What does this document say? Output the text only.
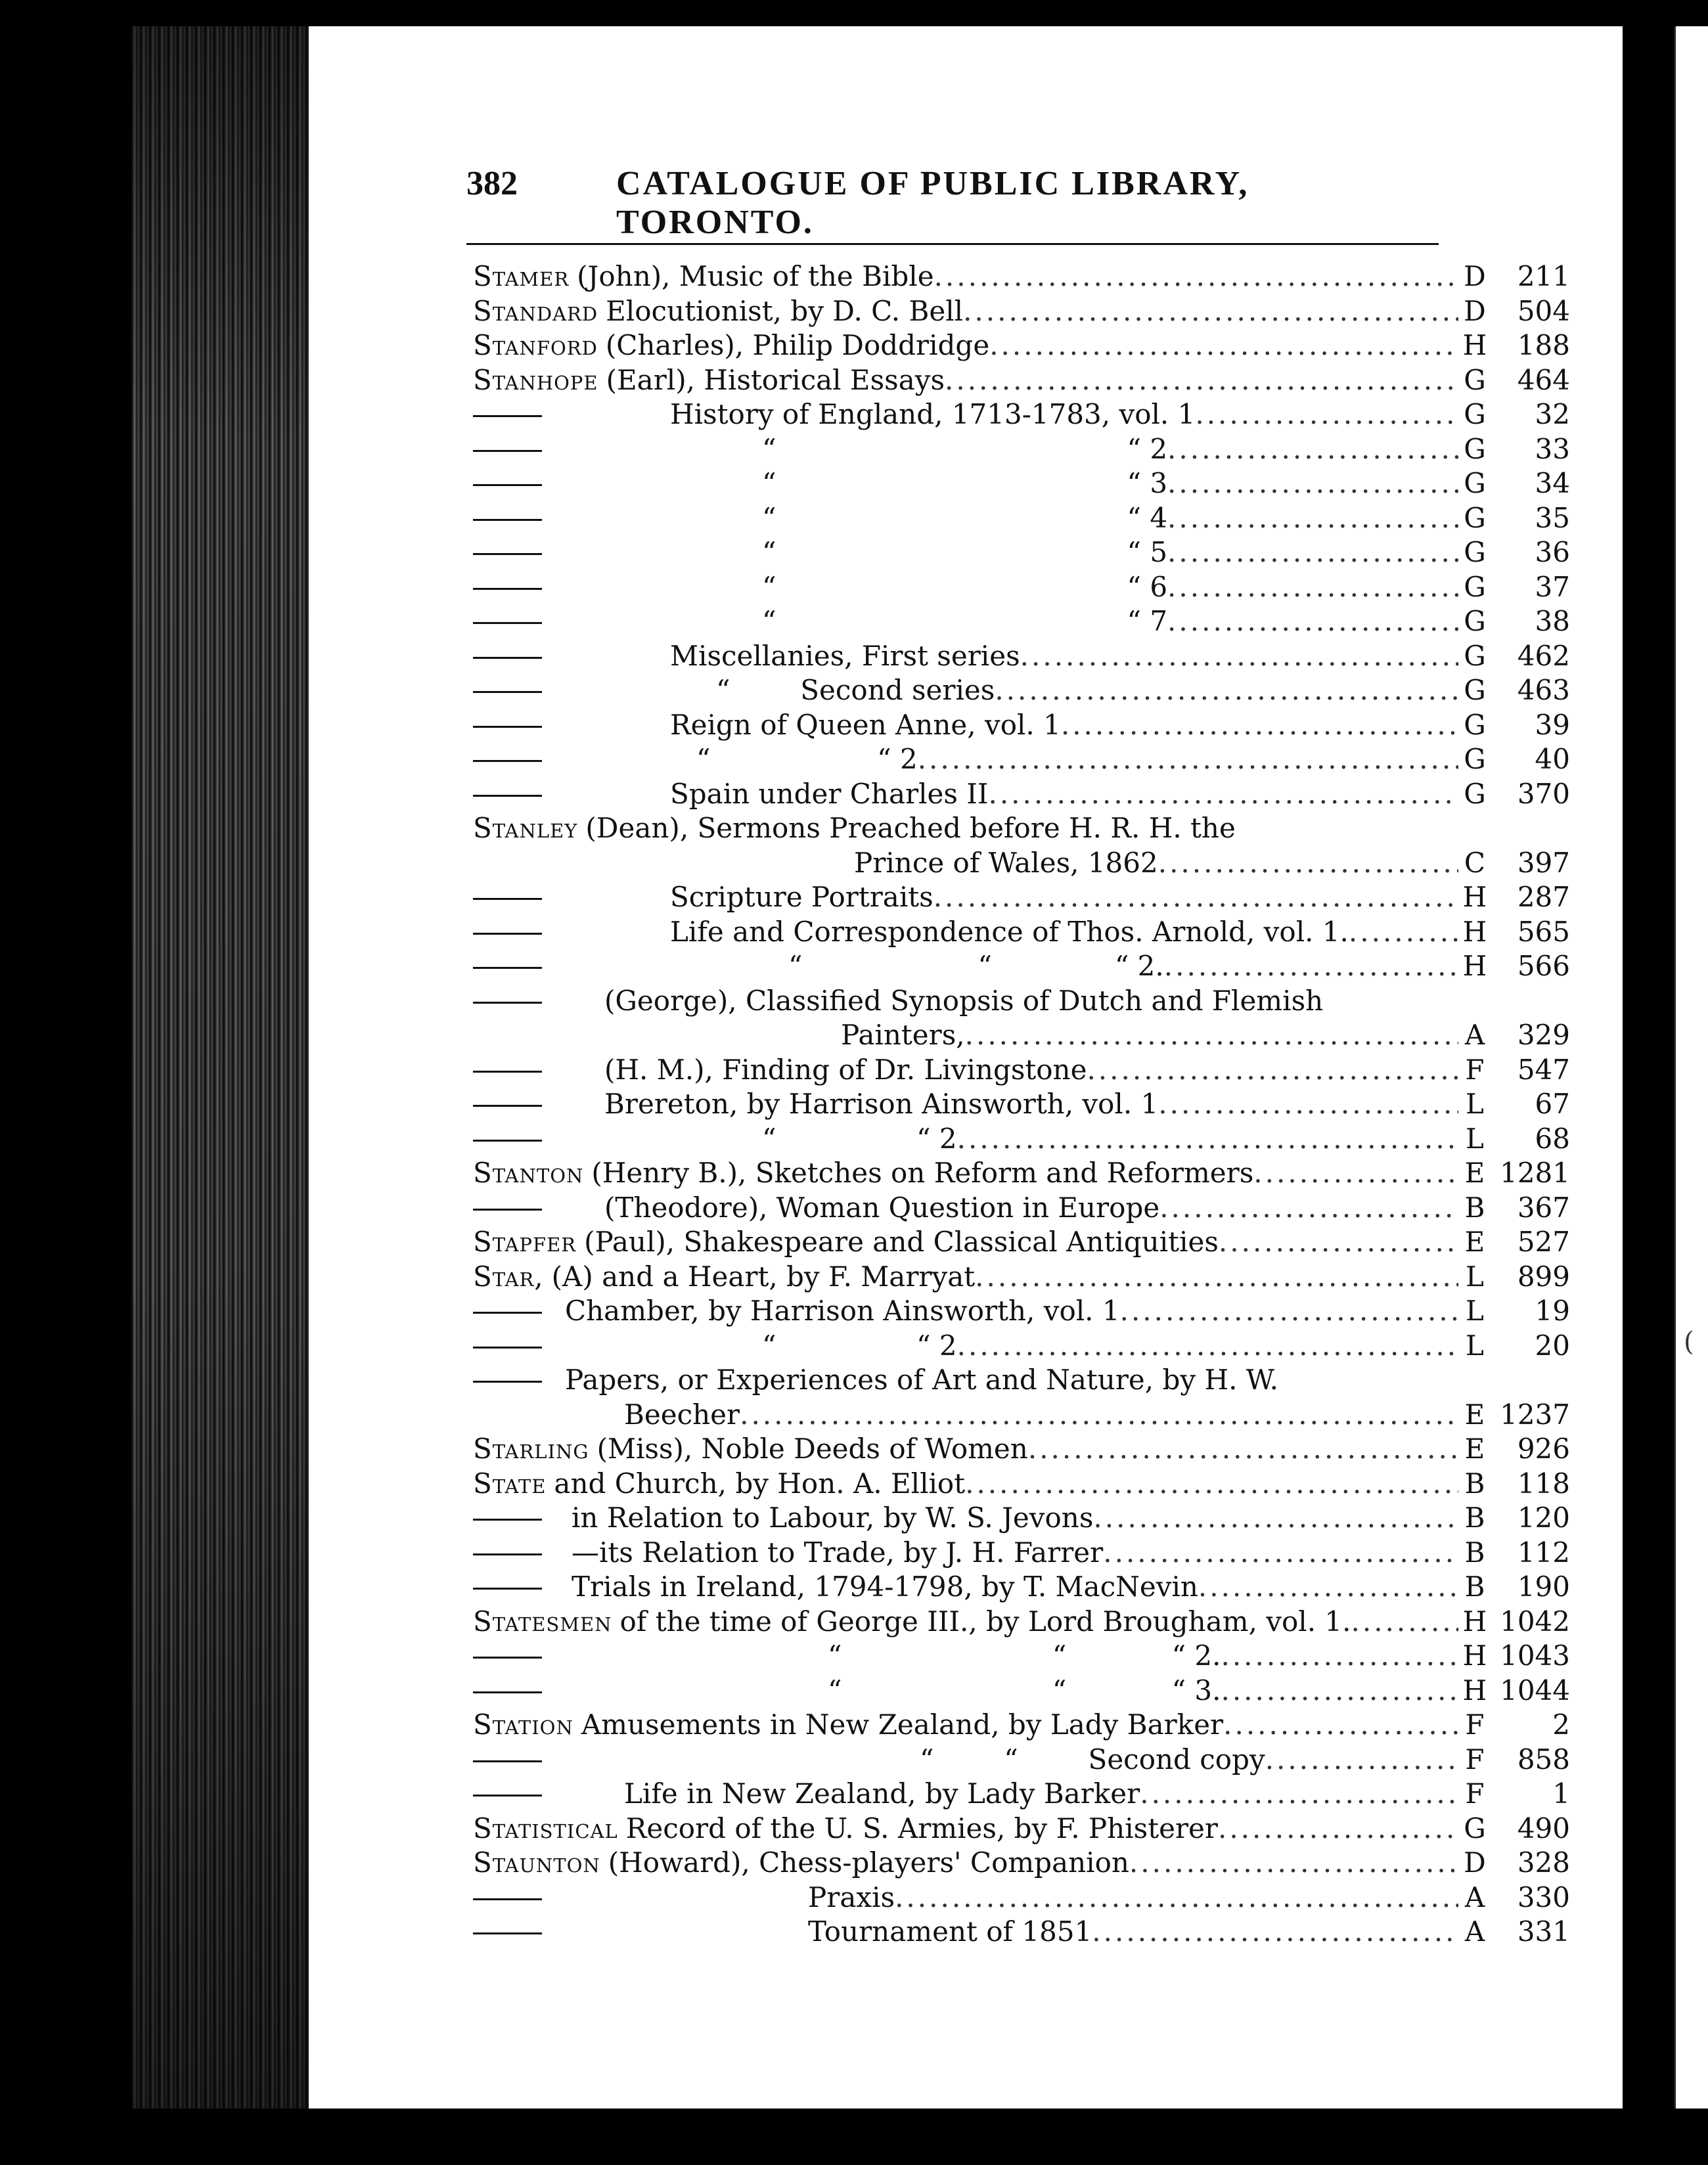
382	CATALOGUE OF PUBLIC LIBRARY, TORONTO.
Stamer (John), Music of the Bible .....	D	211
Standard Elocutionist, by D. C. Bell .....	D	504
Stanford (Charles), Philip Doddridge .....	H	188
Stanhope (Earl), Historical Essays .....	G	464
History of England, 1713-1783, vol. 1 .....	G	32
“                                        “ 2 .....	G	33
“                                        “ 3 .....	G	34
“                                        “ 4 .....	G	35
“                                        “ 5 .....	G	36
“                                        “ 6 .....	G	37
“                                        “ 7 .....	G	38
Miscellanies, First series .....	G	462
“        Second series .....	G	463
Reign of Queen Anne, vol. 1 .....	G	39
“                   “ 2 .....	G	40
Spain under Charles II .....	G	370
Stanley (Dean), Sermons Preached before H. R. H. the
Prince of Wales, 1862 .....	C	397
Scripture Portraits .....	H	287
Life and Correspondence of Thos. Arnold, vol. 1. .....	H	565
“                    “              “ 2. .....	H	566
(George), Classified Synopsis of Dutch and Flemish
Painters, .....	A	329
(H. M.), Finding of Dr. Livingstone .....	F	547
Brereton, by Harrison Ainsworth, vol. 1 .....	L	67
“                “ 2 .....	L	68
Stanton (Henry B.), Sketches on Reform and Reformers .....	E 1281
(Theodore), Woman Question in Europe .....	B	367
Stapfer (Paul), Shakespeare and Classical Antiquities .....	E	527
Star, (A) and a Heart, by F. Marryat .....	L	899
Chamber, by Harrison Ainsworth, vol. 1 .....	L	19
“                “ 2 .....	L	20
Papers, or Experiences of Art and Nature, by H. W.
Beecher .....	E 1237
Starling (Miss), Noble Deeds of Women .....	E	926
State and Church, by Hon. A. Elliot .....	B	118
in Relation to Labour, by W. S. Jevons .....	B	120
—its Relation to Trade, by J. H. Farrer .....	B	112
Trials in Ireland, 1794-1798, by T. MacNevin .....	B	190
Statesmen of the time of George III., by Lord Brougham, vol. 1. .....	H 1042
“                        “            “ 2. .....	H 1043
“                        “            “ 3. .....	H 1044
Station Amusements in New Zealand, by Lady Barker .....	F	2
“        “        Second copy .....	F	858
Life in New Zealand, by Lady Barker .....	F	1
Statistical Record of the U. S. Armies, by F. Phisterer .....	G	490
Staunton (Howard), Chess-players' Companion .....	D	328
Praxis .....	A	330
Tournament of 1851 .....	A	331
(
